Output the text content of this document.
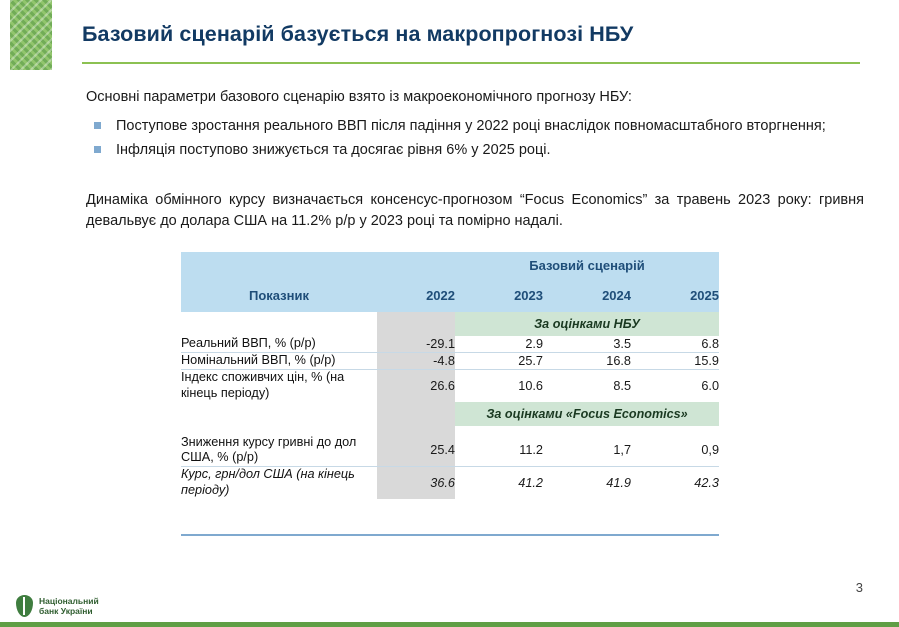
Базовий сценарій базується на макропрогнозі НБУ
Основні параметри базового сценарію взято із макроекономічного прогнозу НБУ:
Поступове зростання реального ВВП після падіння у 2022 році внаслідок повномасштабного вторгнення;
Інфляція поступово знижується та досягає рівня 6% у 2025 році.
Динаміка обмінного курсу визначається консенсус-прогнозом “Focus Economics” за травень 2023 року: гривня девальвує до долара США на 11.2% р/р у 2023 році та помірно надалі.
		Базовий сценарій		
Показник	2022	2023	2024	2025
		За оцінками НБУ		
Реальний ВВП, % (р/р)	-29.1	2.9	3.5	6.8
Номінальний ВВП, % (р/р)	-4.8	25.7	16.8	15.9
Індекс споживчих цін, % (на кінець періоду)	26.6	10.6	8.5	6.0
		За оцінками «Focus Economics»		

Зниження курсу гривні до дол США, % (р/р)	25.4	11.2	1,7	0,9
Курс, грн/дол США (на кінець періоду)	36.6	41.2	41.9	42.3
3
Національний
банк України
